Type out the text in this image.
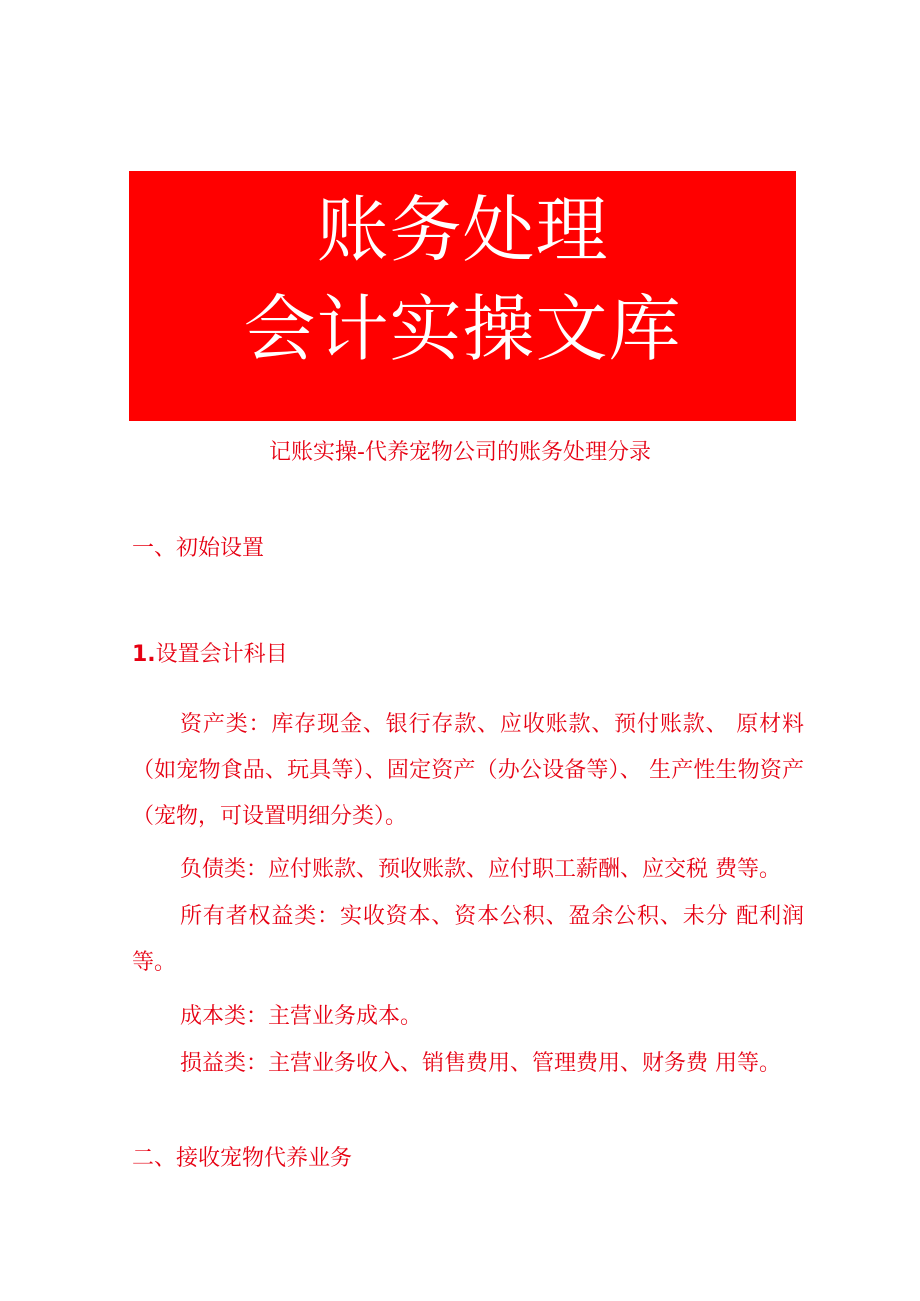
账务处理
会计实操文库
记账实操-代养宠物公司的账务处理分录
一、初始设置
1.设置会计科目

资产类：库存现金、银行存款、应收账款、预付账款、 原材料（如宠物食品、玩具等）、固定资产（办公设备等）、 生产性生物资产（宠物，可设置明细分类）。

负债类：应付账款、预收账款、应付职工薪酬、应交税 费等。

所有者权益类：实收资本、资本公积、盈余公积、未分 配利润等。

成本类：主营业务成本。

损益类：主营业务收入、销售费用、管理费用、财务费 用等。

二、接收宠物代养业务
